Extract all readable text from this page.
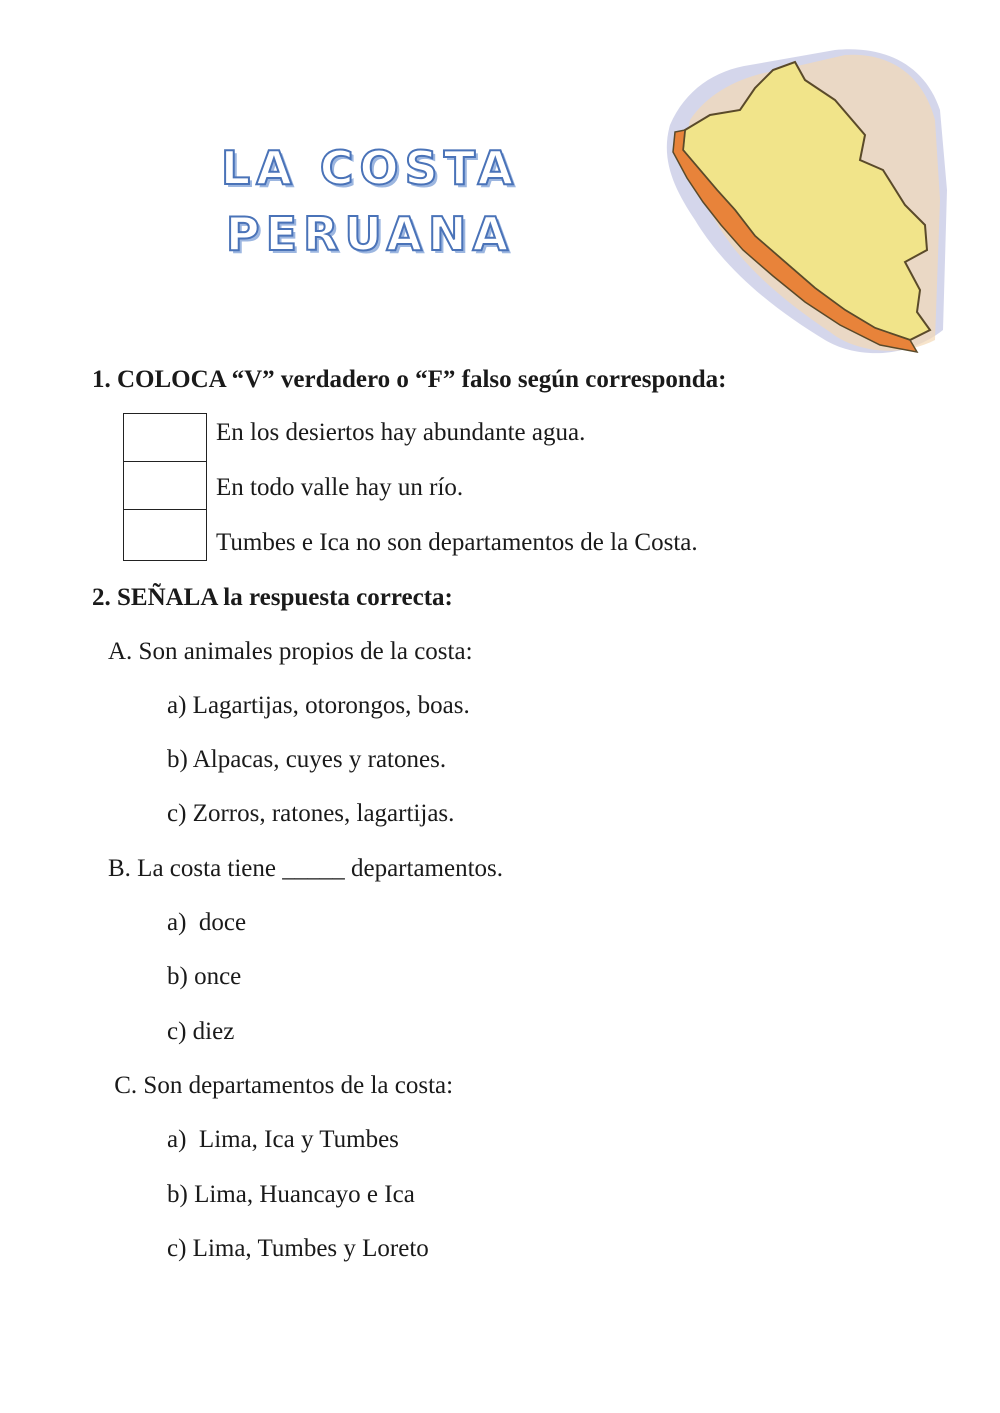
LA COSTA
PERUANA
1. COLOCA “V” verdadero o “F” falso según corresponda:
En los desiertos hay abundante agua.
En todo valle hay un río.
Tumbes e Ica no son departamentos de la Costa.
2. SEÑALA la respuesta correcta:
A. Son animales propios de la costa:
a) Lagartijas, otorongos, boas.
b) Alpacas, cuyes y ratones.
c) Zorros, ratones, lagartijas.
B. La costa tiene _____ departamentos.
a)  doce
b) once
c) diez
C. Son departamentos de la costa:
a)  Lima, Ica y Tumbes
b) Lima, Huancayo e Ica
c) Lima, Tumbes y Loreto
